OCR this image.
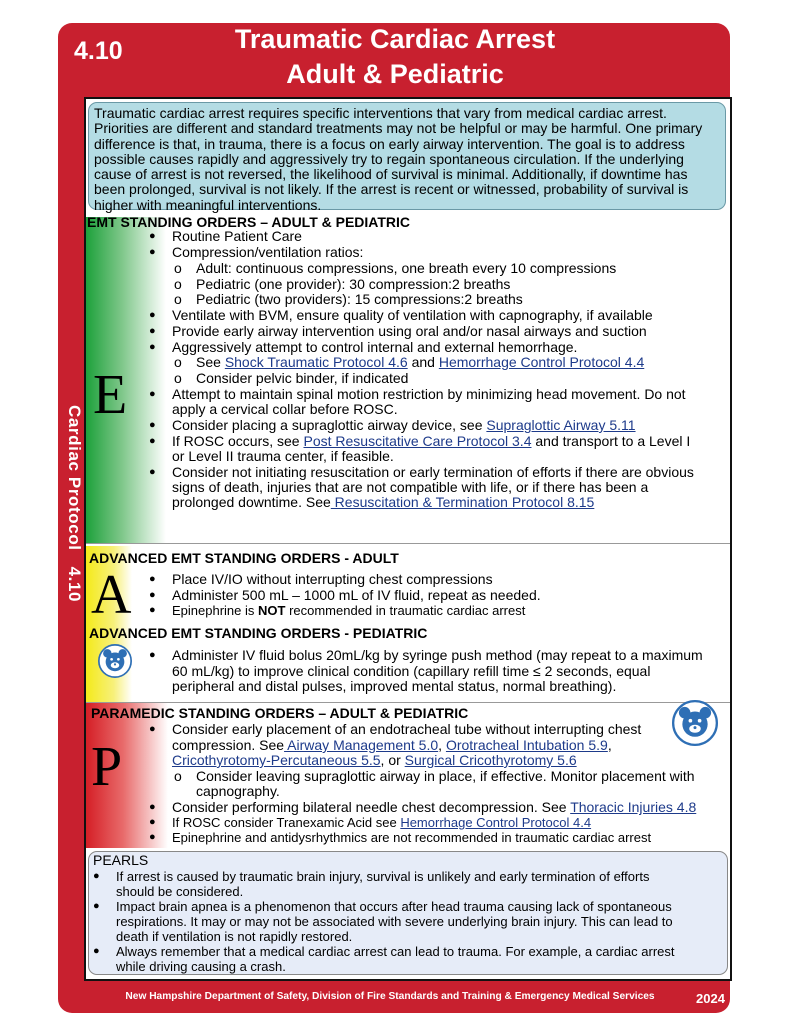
4.10	Traumatic Cardiac Arrest
Adult & Pediatric
Cardiac Protocol   4.10
Traumatic cardiac arrest requires specific interventions that vary from medical cardiac arrest. Priorities are different and standard treatments may not be helpful or may be harmful. One primary difference is that, in trauma, there is a focus on early airway intervention. The goal is to address possible causes rapidly and aggressively try to regain spontaneous circulation. If the underlying cause of arrest is not reversed, the likelihood of survival is minimal. Additionally, if downtime has been prolonged, survival is not likely. If the arrest is recent or witnessed, probability of survival is higher with meaningful interventions.
E
EMT STANDING ORDERS – ADULT & PEDIATRIC
● Routine Patient Care
● Compression/ventilation ratios:
o Adult: continuous compressions, one breath every 10 compressions
o Pediatric (one provider): 30 compression:2 breaths
o Pediatric (two providers): 15 compressions:2 breaths
● Ventilate with BVM, ensure quality of ventilation with capnography, if available
● Provide early airway intervention using oral and/or nasal airways and suction
● Aggressively attempt to control internal and external hemorrhage.
o See Shock Traumatic Protocol 4.6 and Hemorrhage Control Protocol 4.4
o Consider pelvic binder, if indicated
● Attempt to maintain spinal motion restriction by minimizing head movement. Do not
apply a cervical collar before ROSC.
● Consider placing a supraglottic airway device, see Supraglottic Airway 5.11
● If ROSC occurs, see Post Resuscitative Care Protocol 3.4 and transport to a Level I
or Level II trauma center, if feasible.
● Consider not initiating resuscitation or early termination of efforts if there are obvious
signs of death, injuries that are not compatible with life, or if there has been a
prolonged downtime. See Resuscitation & Termination Protocol 8.15
ADVANCED EMT STANDING ORDERS - ADULT
A ● Place IV/IO without interrupting chest compressions
● Administer 500 mL – 1000 mL of IV fluid, repeat as needed.
● Epinephrine is NOT recommended in traumatic cardiac arrest
ADVANCED EMT STANDING ORDERS - PEDIATRIC
● Administer IV fluid bolus 20mL/kg by syringe push method (may repeat to a maximum
60 mL/kg) to improve clinical condition (capillary refill time ≤ 2 seconds, equal
peripheral and distal pulses, improved mental status, normal breathing).
PARAMEDIC STANDING ORDERS – ADULT & PEDIATRIC
P
● Consider early placement of an endotracheal tube without interrupting chest
compression. See Airway Management 5.0, Orotracheal Intubation 5.9,
Cricothyrotomy-Percutaneous 5.5, or Surgical Cricothyrotomy 5.6
o Consider leaving supraglottic airway in place, if effective. Monitor placement with
capnography.
● Consider performing bilateral needle chest decompression. See Thoracic Injuries 4.8
● If ROSC consider Tranexamic Acid see Hemorrhage Control Protocol 4.4
● Epinephrine and antidysrhythmics are not recommended in traumatic cardiac arrest
PEARLS
● If arrest is caused by traumatic brain injury, survival is unlikely and early termination of efforts
should be considered.
● Impact brain apnea is a phenomenon that occurs after head trauma causing lack of spontaneous
respirations. It may or may not be associated with severe underlying brain injury. This can lead to
death if ventilation is not rapidly restored.
● Always remember that a medical cardiac arrest can lead to trauma. For example, a cardiac arrest
while driving causing a crash.
New Hampshire Department of Safety, Division of Fire Standards and Training & Emergency Medical Services	2024
